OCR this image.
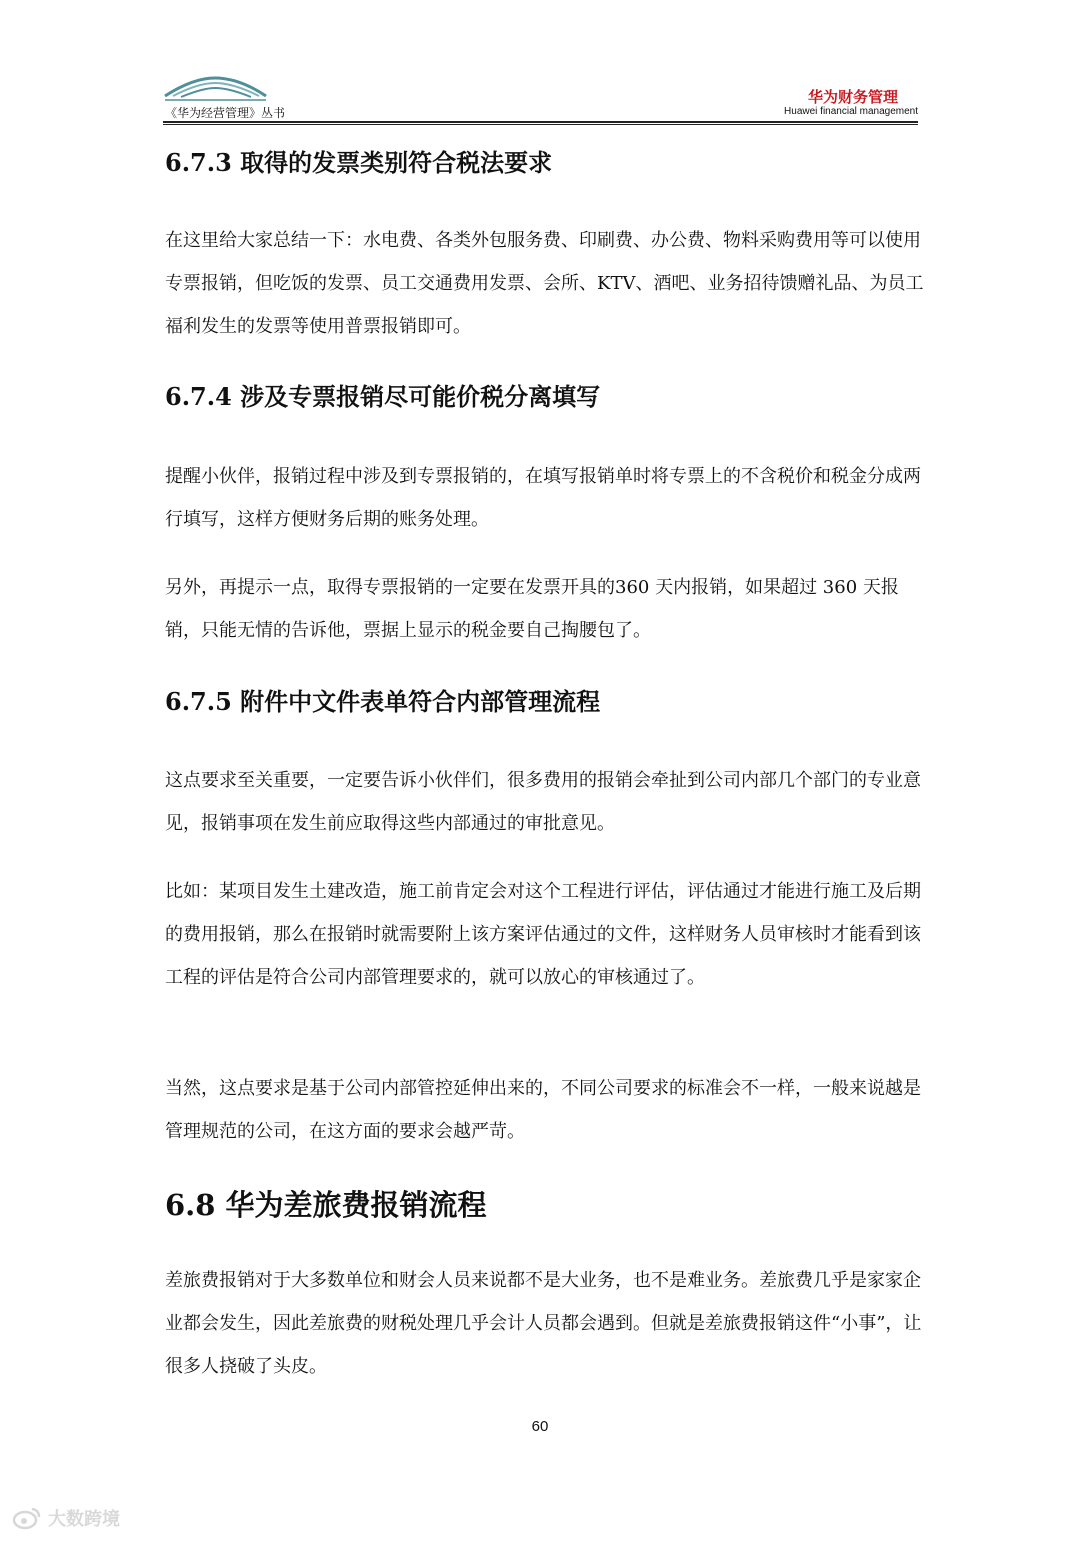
《华为经营管理》丛书
华为财务管理
Huawei financial management
6.7.3 取得的发票类别符合税法要求

在这里给大家总结一下：水电费、各类外包服务费、印刷费、办公费、物料采购费用等可以使用专票报销，但吃饭的发票、员工交通费用发票、会所、KTV、酒吧、业务招待馈赠礼品、为员工福利发生的发票等使用普票报销即可。

6.7.4 涉及专票报销尽可能价税分离填写

提醒小伙伴，报销过程中涉及到专票报销的，在填写报销单时将专票上的不含税价和税金分成两行填写，这样方便财务后期的账务处理。

另外，再提示一点，取得专票报销的一定要在发票开具的360 天内报销，如果超过 360 天报销，只能无情的告诉他，票据上显示的税金要自己掏腰包了。

6.7.5 附件中文件表单符合内部管理流程

这点要求至关重要，一定要告诉小伙伴们，很多费用的报销会牵扯到公司内部几个部门的专业意见，报销事项在发生前应取得这些内部通过的审批意见。

比如：某项目发生土建改造，施工前肯定会对这个工程进行评估，评估通过才能进行施工及后期的费用报销，那么在报销时就需要附上该方案评估通过的文件，这样财务人员审核时才能看到该工程的评估是符合公司内部管理要求的，就可以放心的审核通过了。

当然，这点要求是基于公司内部管控延伸出来的，不同公司要求的标准会不一样，一般来说越是管理规范的公司，在这方面的要求会越严苛。

6.8 华为差旅费报销流程

差旅费报销对于大多数单位和财会人员来说都不是大业务，也不是难业务。差旅费几乎是家家企业都会发生，因此差旅费的财税处理几乎会计人员都会遇到。但就是差旅费报销这件“小事”，让很多人挠破了头皮。

60
大数跨境
